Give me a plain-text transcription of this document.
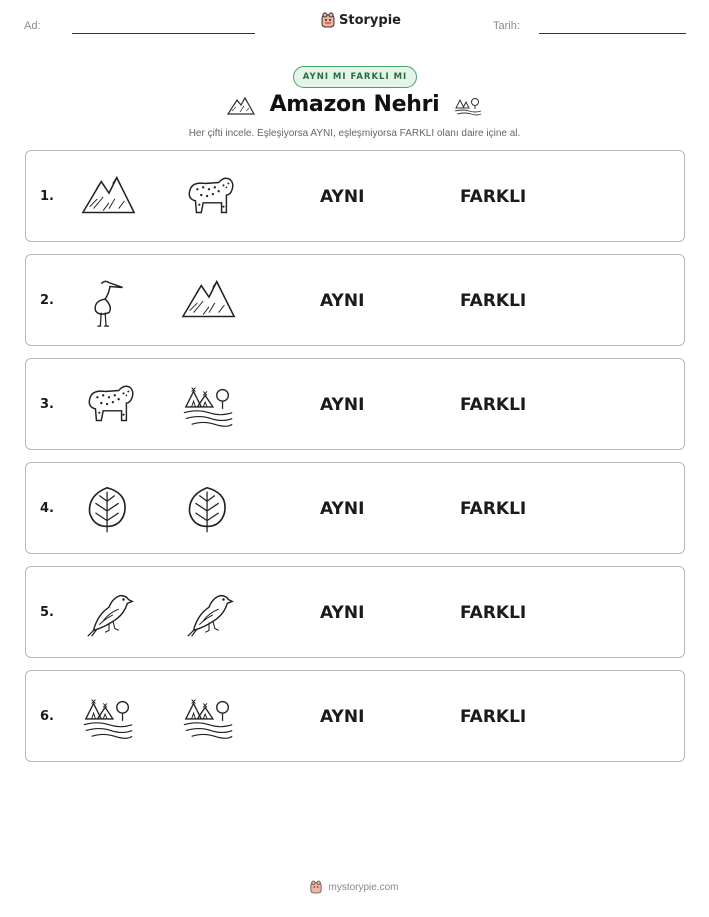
Ad:	Storypie	Tarih:
AYNI MI FARKLI MI
Amazon Nehri
Her çifti incele. Eşleşiyorsa AYNI, eşleşmiyorsa FARKLI olanı daire içine al.
1.	AYNI	FARKLI
2.	AYNI	FARKLI
3.	AYNI	FARKLI
4.	AYNI	FARKLI
5.	AYNI	FARKLI
6.	AYNI	FARKLI
mystorypie.com
